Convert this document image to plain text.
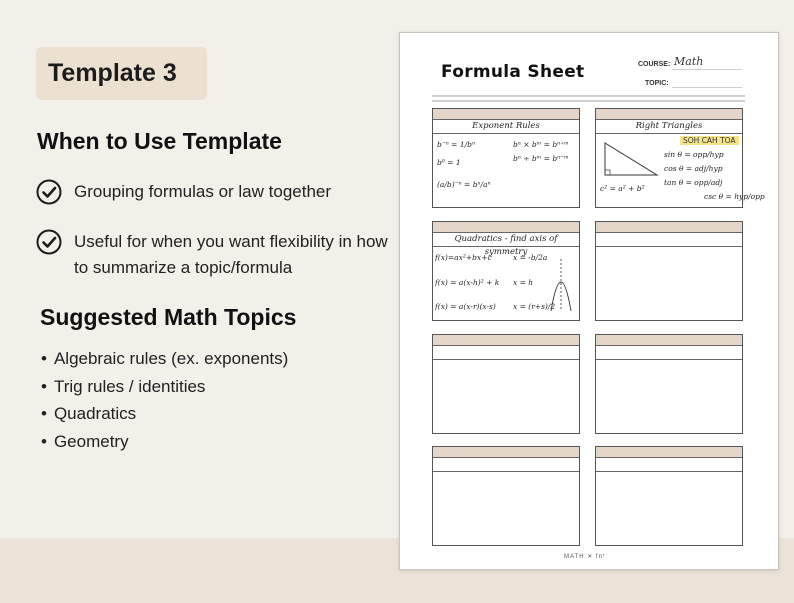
Template 3
When to Use Template
Grouping formulas or law together
Useful for when you want flexibility in how to summarize a topic/formula
Suggested Math Topics
• Algebraic rules (ex. exponents)
• Trig rules / identities
• Quadratics
• Geometry
Formula Sheet	COURSE: Math
TOPIC:
Exponent Rules
b⁻ⁿ = 1/bⁿ
b⁰ = 1
(a/b)⁻ⁿ = bⁿ/aⁿ
bⁿ × bᵐ = bⁿ⁺ᵐ
bⁿ ÷ bᵐ = bⁿ⁻ᵐ
Right Triangles
SOH CAH TOA
sin θ = opp/hyp
cos θ = adj/hyp
tan θ = opp/adj
csc θ = hyp/opp
c² = a² + b²
Quadratics - find axis of symmetry
f(x)=ax²+bx+c	x = -b/2a
f(x) = a(x-h)² + k x = h
f(x) = a(x-r)(x-s) x = (r+s)/2
MATH ✕ fnᵗ
